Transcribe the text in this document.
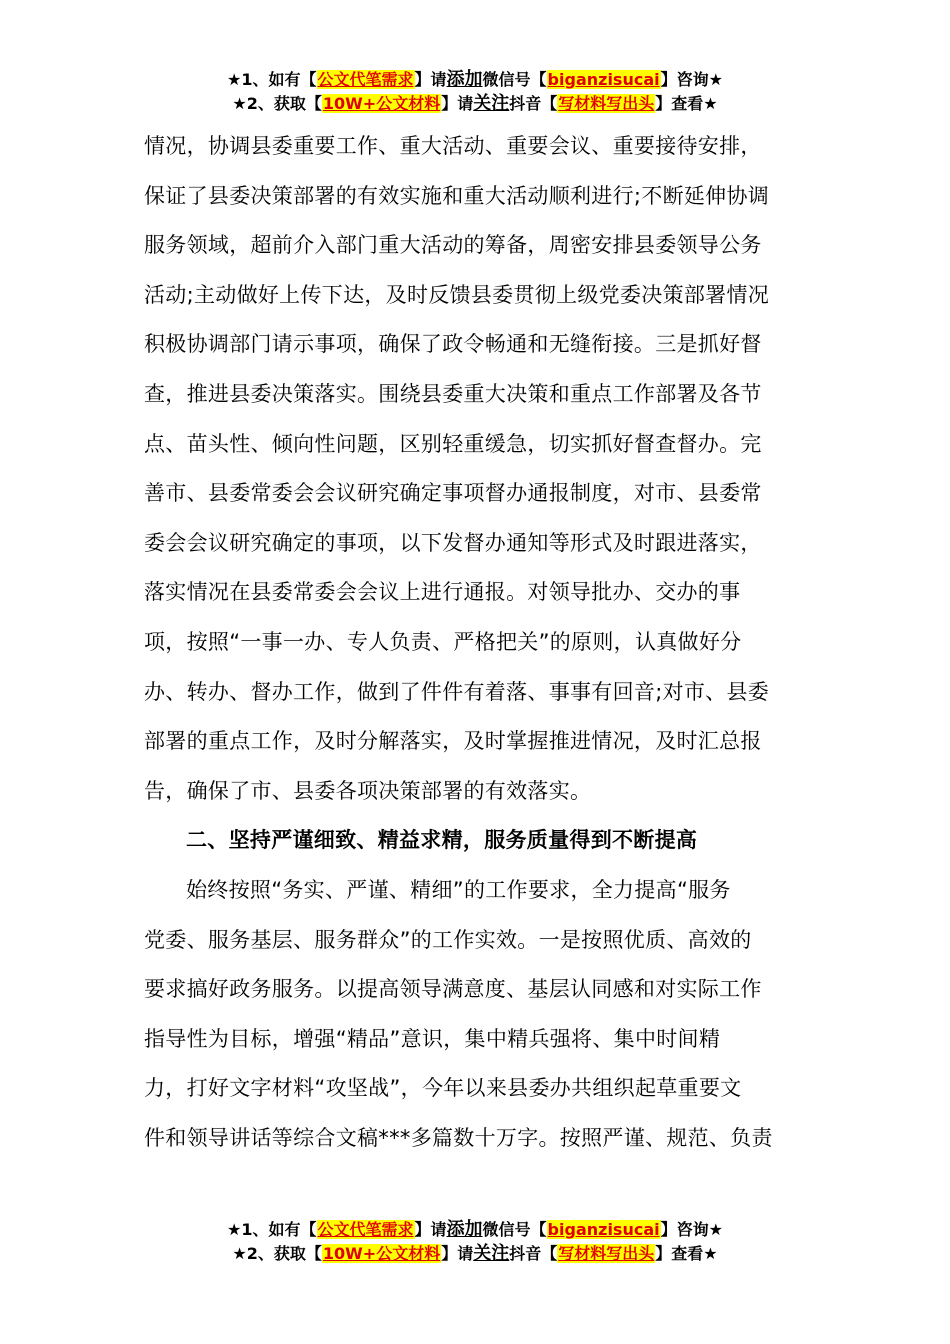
★1、如有【公文代笔需求】请添加微信号【biganzisucai】咨询★
★2、获取【10W+公文材料】请关注抖音【写材料写出头】查看★
情况，协调县委重要工作、重大活动、重要会议、重要接待安排，
保证了县委决策部署的有效实施和重大活动顺利进行;不断延伸协调
服务领域，超前介入部门重大活动的筹备，周密安排县委领导公务
活动;主动做好上传下达，及时反馈县委贯彻上级党委决策部署情况
积极协调部门请示事项，确保了政令畅通和无缝衔接。三是抓好督
查，推进县委决策落实。围绕县委重大决策和重点工作部署及各节
点、苗头性、倾向性问题，区别轻重缓急，切实抓好督查督办。完
善市、县委常委会会议研究确定事项督办通报制度，对市、县委常
委会会议研究确定的事项，以下发督办通知等形式及时跟进落实，
落实情况在县委常委会会议上进行通报。对领导批办、交办的事
项，按照“一事一办、专人负责、严格把关”的原则，认真做好分
办、转办、督办工作，做到了件件有着落、事事有回音;对市、县委
部署的重点工作，及时分解落实，及时掌握推进情况，及时汇总报
告，确保了市、县委各项决策部署的有效落实。
二、坚持严谨细致、精益求精，服务质量得到不断提高
始终按照“务实、严谨、精细”的工作要求，全力提高“服务
党委、服务基层、服务群众”的工作实效。一是按照优质、高效的
要求搞好政务服务。以提高领导满意度、基层认同感和对实际工作
指导性为目标，增强“精品”意识，集中精兵强将、集中时间精
力，打好文字材料“攻坚战”，今年以来县委办共组织起草重要文
件和领导讲话等综合文稿***多篇数十万字。按照严谨、规范、负责
★1、如有【公文代笔需求】请添加微信号【biganzisucai】咨询★
★2、获取【10W+公文材料】请关注抖音【写材料写出头】查看★
